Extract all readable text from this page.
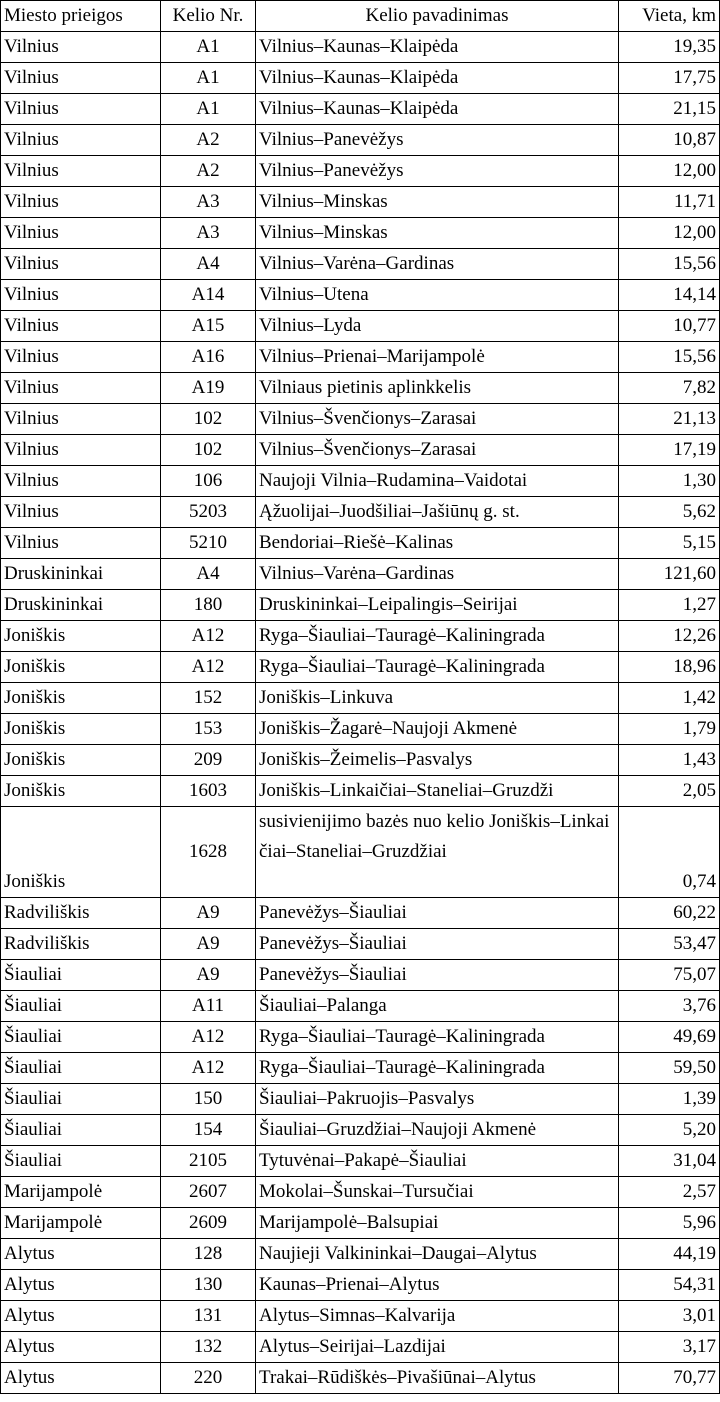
Miesto prieigos	Kelio Nr.	Kelio pavadinimas	Vieta, km
Vilnius	A1	Vilnius–Kaunas–Klaipėda	19,35
Vilnius	A1	Vilnius–Kaunas–Klaipėda	17,75
Vilnius	A1	Vilnius–Kaunas–Klaipėda	21,15
Vilnius	A2	Vilnius–Panevėžys	10,87
Vilnius	A2	Vilnius–Panevėžys	12,00
Vilnius	A3	Vilnius–Minskas	11,71
Vilnius	A3	Vilnius–Minskas	12,00
Vilnius	A4	Vilnius–Varėna–Gardinas	15,56
Vilnius	A14	Vilnius–Utena	14,14
Vilnius	A15	Vilnius–Lyda	10,77
Vilnius	A16	Vilnius–Prienai–Marijampolė	15,56
Vilnius	A19	Vilniaus pietinis aplinkkelis	7,82
Vilnius	102	Vilnius–Švenčionys–Zarasai	21,13
Vilnius	102	Vilnius–Švenčionys–Zarasai	17,19
Vilnius	106	Naujoji Vilnia–Rudamina–Vaidotai	1,30
Vilnius	5203	Ąžuolijai–Juodšiliai–Jašiūnų g. st.	5,62
Vilnius	5210	Bendoriai–Riešė–Kalinas	5,15
Druskininkai	A4	Vilnius–Varėna–Gardinas	121,60
Druskininkai	180	Druskininkai–Leipalingis–Seirijai	1,27
Joniškis	A12	Ryga–Šiauliai–Tauragė–Kaliningrada	12,26
Joniškis	A12	Ryga–Šiauliai–Tauragė–Kaliningrada	18,96
Joniškis	152	Joniškis–Linkuva	1,42
Joniškis	153	Joniškis–Žagarė–Naujoji Akmenė	1,79
Joniškis	209	Joniškis–Žeimelis–Pasvalys	1,43
Joniškis	1603	Joniškis–Linkaičiai–Staneliai–Gruzdži	2,05
Joniškis	1628	susivienijimo bazės nuo kelio Joniškis–Linkaičiai–Staneliai–Gruzdžiai	0,74
Radviliškis	A9	Panevėžys–Šiauliai	60,22
Radviliškis	A9	Panevėžys–Šiauliai	53,47
Šiauliai	A9	Panevėžys–Šiauliai	75,07
Šiauliai	A11	Šiauliai–Palanga	3,76
Šiauliai	A12	Ryga–Šiauliai–Tauragė–Kaliningrada	49,69
Šiauliai	A12	Ryga–Šiauliai–Tauragė–Kaliningrada	59,50
Šiauliai	150	Šiauliai–Pakruojis–Pasvalys	1,39
Šiauliai	154	Šiauliai–Gruzdžiai–Naujoji Akmenė	5,20
Šiauliai	2105	Tytuvėnai–Pakapė–Šiauliai	31,04
Marijampolė	2607	Mokolai–Šunskai–Tursučiai	2,57
Marijampolė	2609	Marijampolė–Balsupiai	5,96
Alytus	128	Naujieji Valkininkai–Daugai–Alytus	44,19
Alytus	130	Kaunas–Prienai–Alytus	54,31
Alytus	131	Alytus–Simnas–Kalvarija	3,01
Alytus	132	Alytus–Seirijai–Lazdijai	3,17
Alytus	220	Trakai–Rūdiškės–Pivašiūnai–Alytus	70,77
